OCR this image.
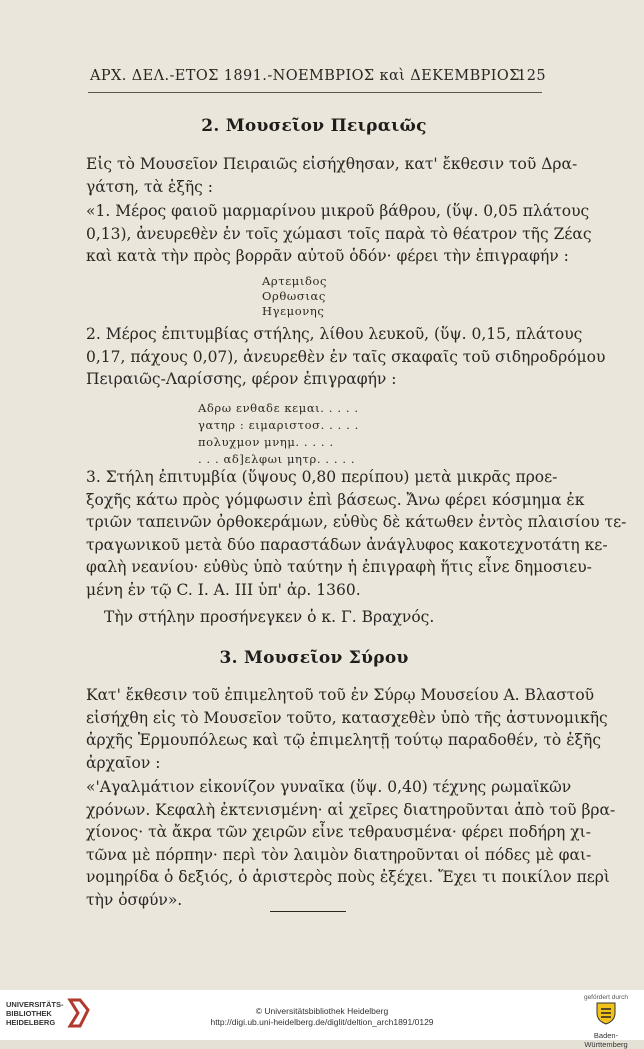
ΑΡΧ. ΔΕΛ.-ΕΤΟΣ 1891.-ΝΟΕΜΒΡΙΟΣ καὶ ΔΕΚΕΜΒΡΙΟΣ
125
2. Μουσεῖον Πειραιῶς
Εἰς τὸ Μουσεῖον Πειραιῶς εἰσήχθησαν, κατ' ἔκθεσιν τοῦ Δρα-
γάτση, τὰ ἑξῆς :
«1. Μέρος φαιοῦ μαρμαρίνου μικροῦ βάθρου, (ὕψ. 0,05 πλάτους
0,13), ἀνευρεθὲν ἐν τοῖς χώμασι τοῖς παρὰ τὸ θέατρον τῆς Ζέας
καὶ κατὰ τὴν πρὸς βορρᾶν αὐτοῦ ὁδόν· φέρει τὴν ἐπιγραφήν :
Αρτεμιδος
Ορθωσιας
Ηγεμονης
2. Μέρος ἐπιτυμβίας στήλης, λίθου λευκοῦ, (ὕψ. 0,15, πλάτους
0,17, πάχους 0,07), ἀνευρεθὲν ἐν ταῖς σκαφαῖς τοῦ σιδηροδρόμου
Πειραιῶς-Λαρίσσης, φέρον ἐπιγραφήν :
Αδρω ενθαδε κεμαι. . . . .
γατηρ : ειμαριστοσ. . . . .
πολυχμον μνημ. . . . .
. . . αδ]ελφωι μητρ. . . . .
3. Στήλη ἐπιτυμβία (ὕψους 0,80 περίπου) μετὰ μικρᾶς προε-
ξοχῆς κάτω πρὸς γόμφωσιν ἐπὶ βάσεως. Ἄνω φέρει κόσμημα ἐκ
τριῶν ταπεινῶν ὀρθοκεράμων, εὐθὺς δὲ κάτωθεν ἐντὸς πλαισίου τε-
τραγωνικοῦ μετὰ δύο παραστάδων ἀνάγλυφος κακοτεχνοτάτη κε-
φαλὴ νεανίου· εὐθὺς ὑπὸ ταύτην ἡ ἐπιγραφὴ ἥτις εἶνε δημοσιευ-
μένη ἐν τῷ C. I. A. III ὑπ' ἀρ. 1360.
Τὴν στήλην προσήνεγκεν ὁ κ. Γ. Βραχνός.
3. Μουσεῖον Σύρου
Κατ' ἔκθεσιν τοῦ ἐπιμελητοῦ τοῦ ἐν Σύρῳ Μουσείου Α. Βλαστοῦ
εἰσήχθη εἰς τὸ Μουσεῖον τοῦτο, κατασχεθὲν ὑπὸ τῆς ἀστυνομικῆς
ἀρχῆς Ἑρμουπόλεως καὶ τῷ ἐπιμελητῇ τούτῳ παραδοθέν, τὸ ἑξῆς
ἀρχαῖον :
«'Αγαλμάτιον εἰκονίζον γυναῖκα (ὕψ. 0,40) τέχνης ρωμαϊκῶν
χρόνων. Κεφαλὴ ἐκτενισμένη· αἱ χεῖρες διατηροῦνται ἀπὸ τοῦ βρα-
χίονος· τὰ ἄκρα τῶν χειρῶν εἶνε τεθραυσμένα· φέρει ποδήρη χι-
τῶνα μὲ πόρπην· περὶ τὸν λαιμὸν διατηροῦνται οἱ πόδες μὲ φαι-
νομηρίδα ὁ δεξιός, ὁ ἀριστερὸς ποὺς ἐξέχει. Ἔχει τι ποικίλον περὶ
τὴν ὀσφύν».
UNIVERSITÄTS-
BIBLIOTHEK
HEIDELBERG
© Universitätsbibliothek Heidelberg
http://digi.ub.uni-heidelberg.de/diglit/deltion_arch1891/0129
gefördert durch
Baden-Württemberg
